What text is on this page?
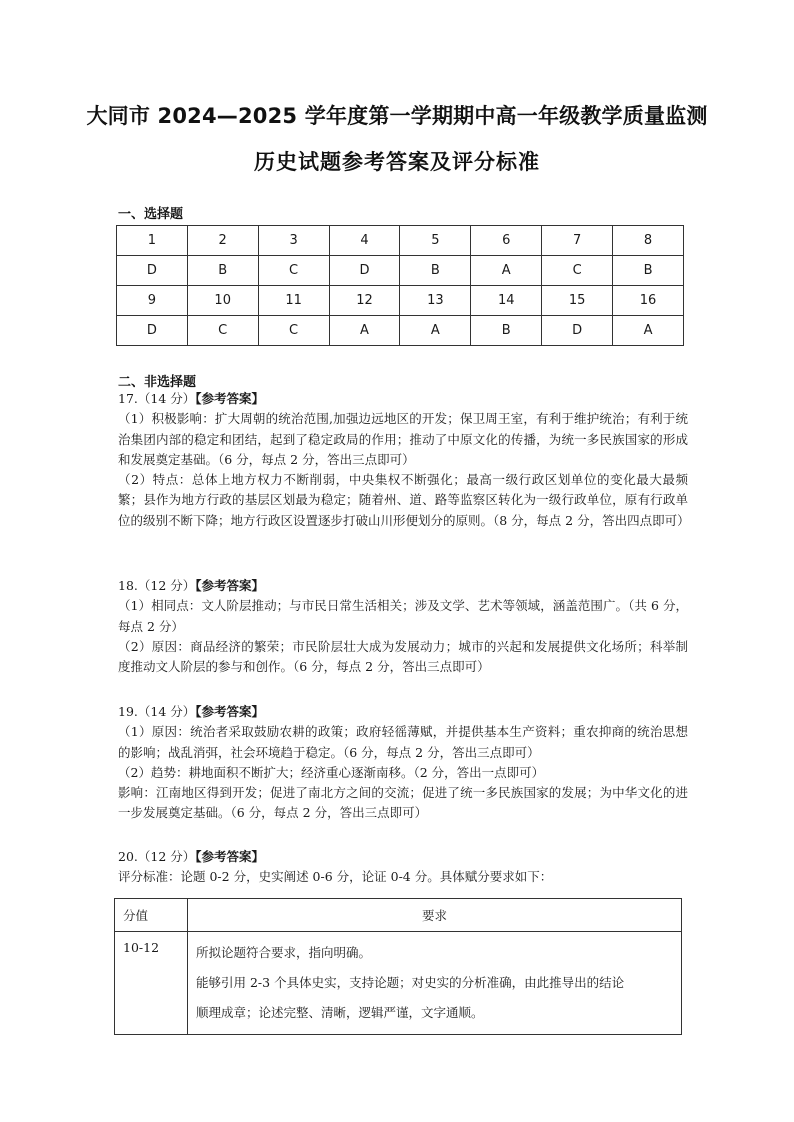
大同市 2024—2025 学年度第一学期期中高一年级教学质量监测
历史试题参考答案及评分标准
一、选择题
1	2	3	4	5	6	7	8
D	B	C	D	B	A	C	B
9	10	11	12	13	14	15	16
D	C	C	A	A	B	D	A
二、非选择题

17.（14 分）【参考答案】

（1）积极影响：扩大周朝的统治范围,加强边远地区的开发；保卫周王室，有利于维护统治；有利于统治集团内部的稳定和团结，起到了稳定政局的作用；推动了中原文化的传播，为统一多民族国家的形成和发展奠定基础。（6 分，每点 2 分，答出三点即可）

（2）特点：总体上地方权力不断削弱，中央集权不断强化；最高一级行政区划单位的变化最大最频繁；县作为地方行政的基层区划最为稳定；随着州、道、路等监察区转化为一级行政单位，原有行政单位的级别不断下降；地方行政区设置逐步打破山川形便划分的原则。（8 分，每点 2 分，答出四点即可）

18.（12 分）【参考答案】

（1）相同点：文人阶层推动；与市民日常生活相关；涉及文学、艺术等领域，涵盖范围广。（共 6 分，每点 2 分）

（2）原因：商品经济的繁荣；市民阶层壮大成为发展动力；城市的兴起和发展提供文化场所；科举制度推动文人阶层的参与和创作。（6 分，每点 2 分，答出三点即可）

19.（14 分）【参考答案】

（1）原因：统治者采取鼓励农耕的政策；政府轻徭薄赋，并提供基本生产资料；重农抑商的统治思想的影响；战乱消弭，社会环境趋于稳定。（6 分，每点 2 分，答出三点即可）

（2）趋势：耕地面积不断扩大；经济重心逐渐南移。（2 分，答出一点即可）

影响：江南地区得到开发；促进了南北方之间的交流；促进了统一多民族国家的发展；为中华文化的进一步发展奠定基础。（6 分，每点 2 分，答出三点即可）

20.（12 分）【参考答案】

评分标准：论题 0-2 分，史实阐述 0-6 分，论证 0-4 分。具体赋分要求如下：

分值	要求
10-12	所拟论题符合要求，指向明确。
能够引用 2-3 个具体史实，支持论题；对史实的分析准确，由此推导出的结论
顺理成章；论述完整、清晰，逻辑严谨，文字通顺。
